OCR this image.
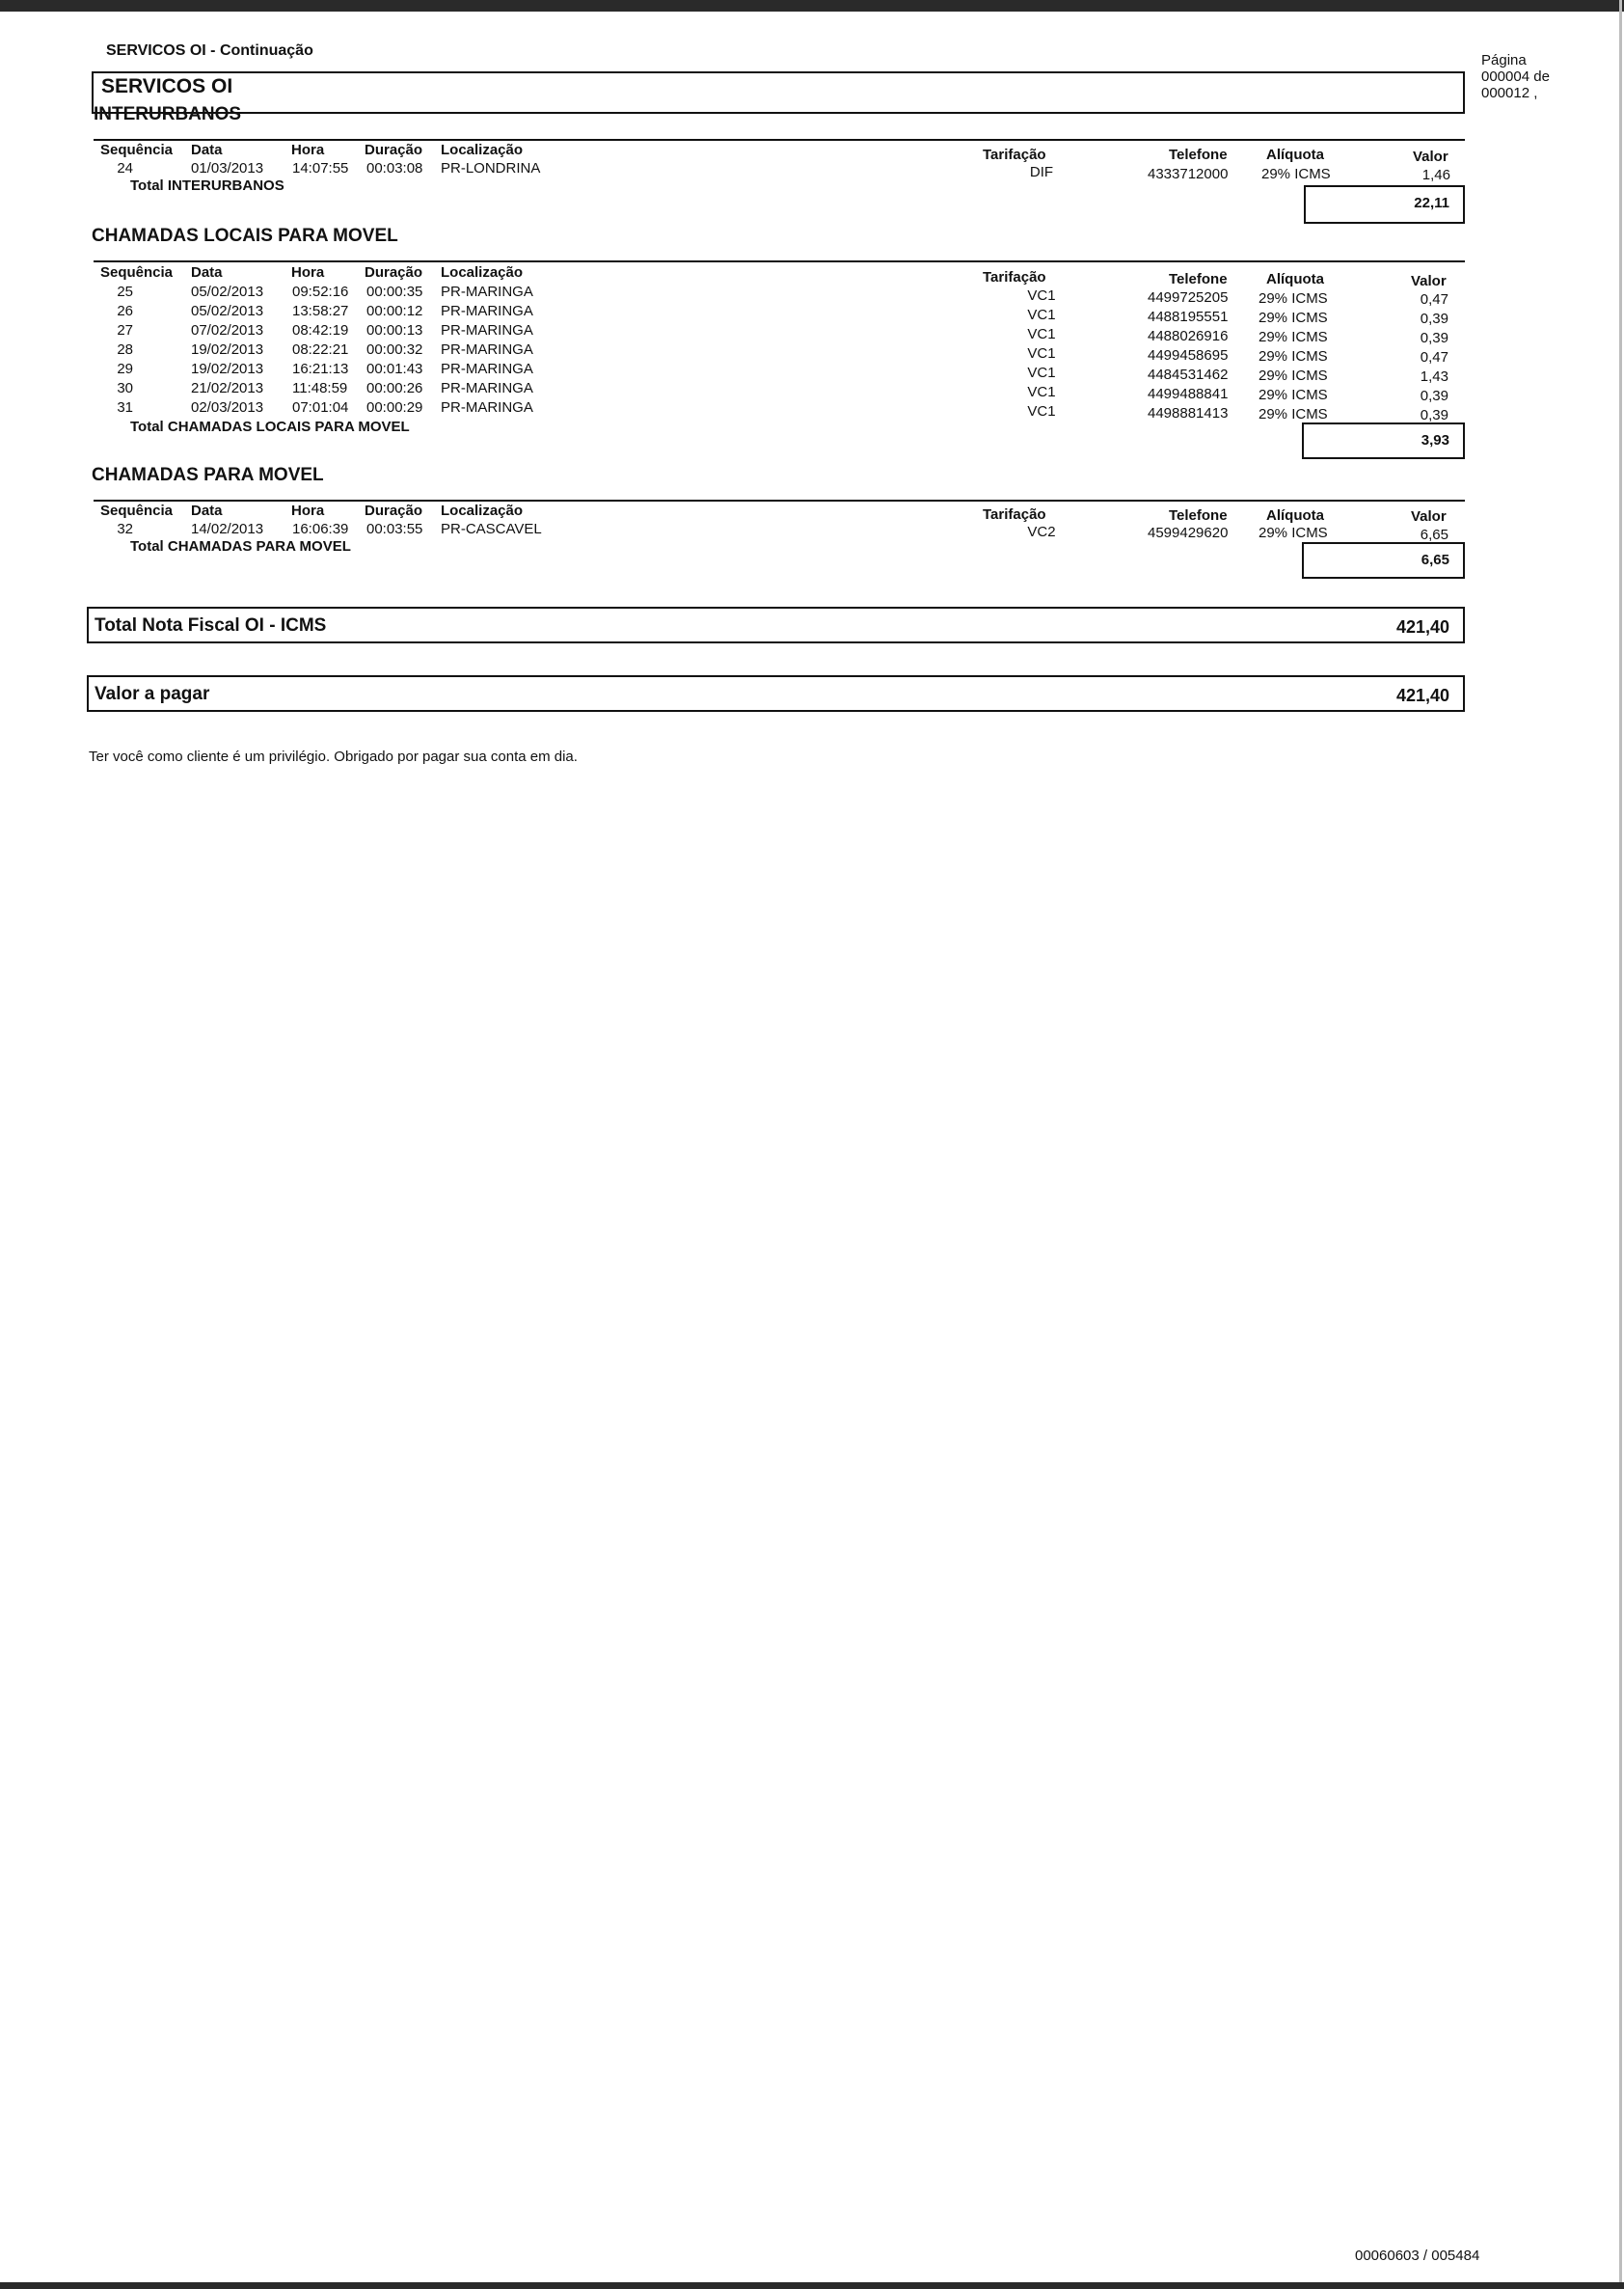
SERVICOS OI - Continuação
SERVICOS OI
Página
000004 de
000012 ,
INTERURBANOS
Sequência Data	Hora	Duração Localização	Tarifação	Telefone	Alíquota	Valor
24	01/03/2013 14:07:55 00:03:08 PR-LONDRINA	DIF	4333712000 29% ICMS	1,46
Total INTERURBANOS
22,11
CHAMADAS LOCAIS PARA MOVEL
Sequência Data	Hora	Duração Localização	Tarifação	Telefone	Alíquota	Valor
25	05/02/2013 09:52:16 00:00:35 PR-MARINGA	VC1	4499725205 29% ICMS	0,47
26	05/02/2013 13:58:27 00:00:12 PR-MARINGA	VC1	4488195551 29% ICMS	0,39
27	07/02/2013 08:42:19 00:00:13 PR-MARINGA	VC1	4488026916 29% ICMS	0,39
28	19/02/2013 08:22:21 00:00:32 PR-MARINGA	VC1	4499458695 29% ICMS	0,47
29	19/02/2013 16:21:13 00:01:43 PR-MARINGA	VC1	4484531462 29% ICMS	1,43
30	21/02/2013 11:48:59 00:00:26 PR-MARINGA	VC1	4499488841 29% ICMS	0,39
31	02/03/2013 07:01:04 00:00:29 PR-MARINGA	VC1	4498881413 29% ICMS	0,39
Total CHAMADAS LOCAIS PARA MOVEL
3,93
CHAMADAS PARA MOVEL
Sequência Data	Hora	Duração Localização	Tarifação	Telefone	Alíquota	Valor
32	14/02/2013 16:06:39 00:03:55 PR-CASCAVEL	VC2	4599429620 29% ICMS	6,65
Total CHAMADAS PARA MOVEL
6,65
Total Nota Fiscal OI - ICMS	421,40
Valor a pagar	421,40
Ter você como cliente é um privilégio. Obrigado por pagar sua conta em dia.
00060603 / 005484
